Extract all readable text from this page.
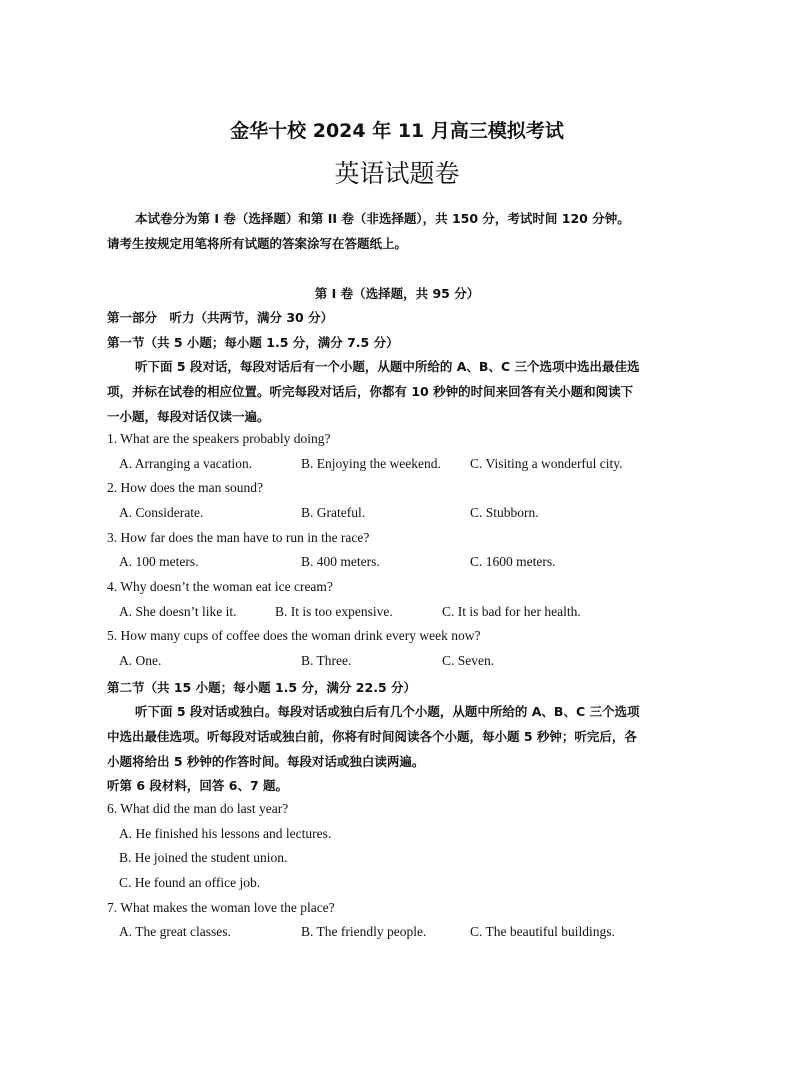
金华十校 2024 年 11 月高三模拟考试
英语试题卷
本试卷分为第 I 卷（选择题）和第 II 卷（非选择题），共 150 分，考试时间 120 分钟。
请考生按规定用笔将所有试题的答案涂写在答题纸上。
第 I 卷（选择题，共 95 分）
第一部分　听力（共两节，满分 30 分）
第一节（共 5 小题；每小题 1.5 分，满分 7.5 分）
听下面 5 段对话，每段对话后有一个小题，从题中所给的 A、B、C 三个选项中选出最佳选
项，并标在试卷的相应位置。听完每段对话后，你都有 10 秒钟的时间来回答有关小题和阅读下
一小题，每段对话仅读一遍。
1. What are the speakers probably doing?
A. Arranging a vacation.	B. Enjoying the weekend. C. Visiting a wonderful city.
2. How does the man sound?
A. Considerate.	B. Grateful.	C. Stubborn.
3. How far does the man have to run in the race?
A. 100 meters.	B. 400 meters.	C. 1600 meters.
4. Why doesn’t the woman eat ice cream?
A. She doesn’t like it.	B. It is too expensive.	C. It is bad for her health.
5. How many cups of coffee does the woman drink every week now?
A. One.	B. Three.	C. Seven.
第二节（共 15 小题；每小题 1.5 分，满分 22.5 分）
听下面 5 段对话或独白。每段对话或独白后有几个小题，从题中所给的 A、B、C 三个选项
中选出最佳选项。听每段对话或独白前，你将有时间阅读各个小题，每小题 5 秒钟；听完后，各
小题将给出 5 秒钟的作答时间。每段对话或独白读两遍。
听第 6 段材料，回答 6、7 题。
6. What did the man do last year?
A. He finished his lessons and lectures.
B. He joined the student union.
C. He found an office job.
7. What makes the woman love the place?
A. The great classes.	B. The friendly people.	C. The beautiful buildings.
